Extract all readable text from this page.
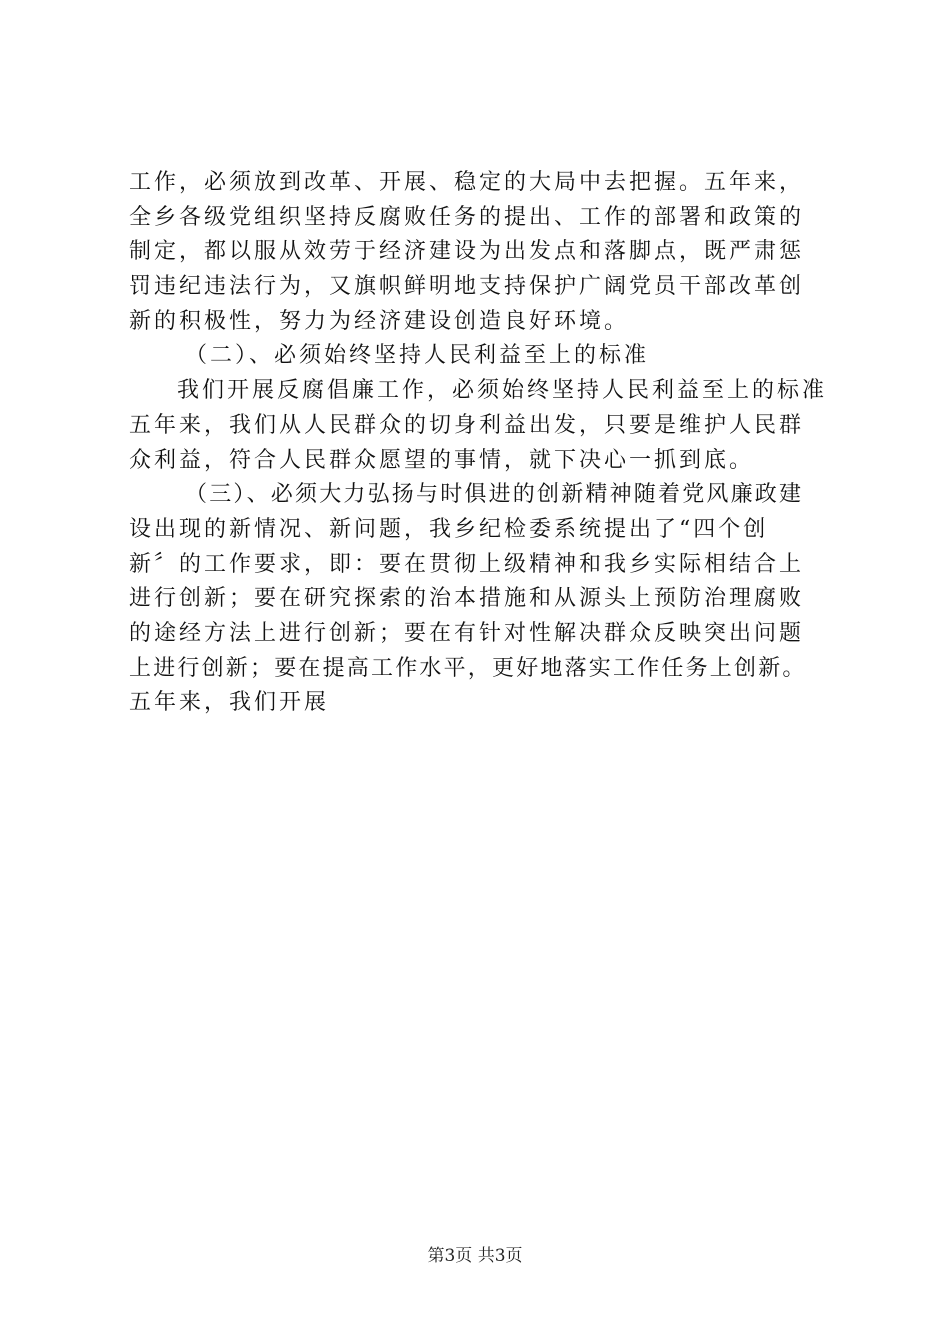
工作，必须放到改革、开展、稳定的大局中去把握。五年来，
全乡各级党组织坚持反腐败任务的提出、工作的部署和政策的
制定，都以服从效劳于经济建设为出发点和落脚点，既严肃惩
罚违纪违法行为，又旗帜鲜明地支持保护广阔党员干部改革创
新的积极性，努力为经济建设创造良好环境。
（二）、必须始终坚持人民利益至上的标准
我们开展反腐倡廉工作，必须始终坚持人民利益至上的标准
五年来，我们从人民群众的切身利益出发，只要是维护人民群
众利益，符合人民群众愿望的事情，就下决心一抓到底。
（三）、必须大力弘扬与时俱进的创新精神随着党风廉政建
设出现的新情况、新问题，我乡纪检委系统提出了“四个创
新〞的工作要求，即：要在贯彻上级精神和我乡实际相结合上
进行创新；要在研究探索的治本措施和从源头上预防治理腐败
的途经方法上进行创新；要在有针对性解决群众反映突出问题
上进行创新；要在提高工作水平，更好地落实工作任务上创新。
五年来，我们开展
第3页 共3页
